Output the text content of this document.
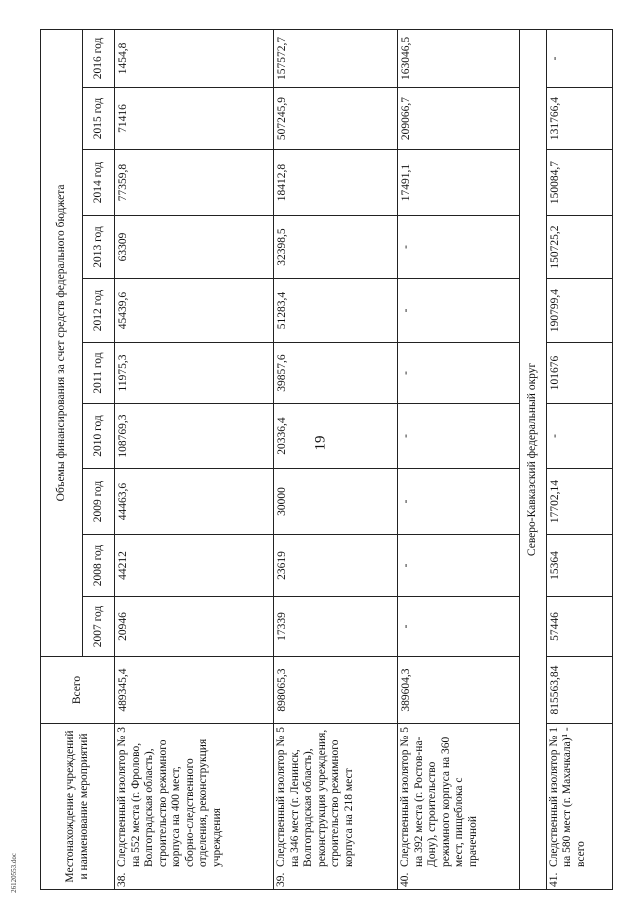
19
26120553.doc	Местонахождение учреждений и наименование мероприятий	Всего	Объемы финансирования за счет средств федерального бюджета									
		2007 год	2008 год	2009 год	2010 год	2011 год	2012 год	2013 год	2014 год	2015 год	2016 год

38.
Следственный изолятор № 3 на 552 места (г. Фролово, Волгоградская область), строительство режимного корпуса на 400 мест, сборно-следственного отделения, реконструкция учреждения	489345,4	20946	44212	44463,6	108769,3	11975,3	45439,6	63309	77359,8	71416	1454,8

39.
Следственный изолятор № 5 на 346 мест (г. Ленинск, Волгоградская область), реконструкция учреждения, строительство режимного корпуса на 218 мест	898065,3	17339	23619	30000	20336,4	39857,6	51283,4	32398,5	18412,8	507245,9	157572,7

40.
Следственный изолятор № 5 на 392 места (г. Ростов-на-Дону), строительство режимного корпуса на 360 мест, пищеблока с прачечной	389604,3	-	-	-	-	-	-	-	17491,1	209066,7	163046,5
Северо-Кавказский федеральный округ											

41.
Следственный изолятор № 1 на 580 мест (г. Махачкала)¹ - всего	815563,84	57446	15364	17702,14	-	101676	190799,4	150725,2	150084,7	131766,4	-
